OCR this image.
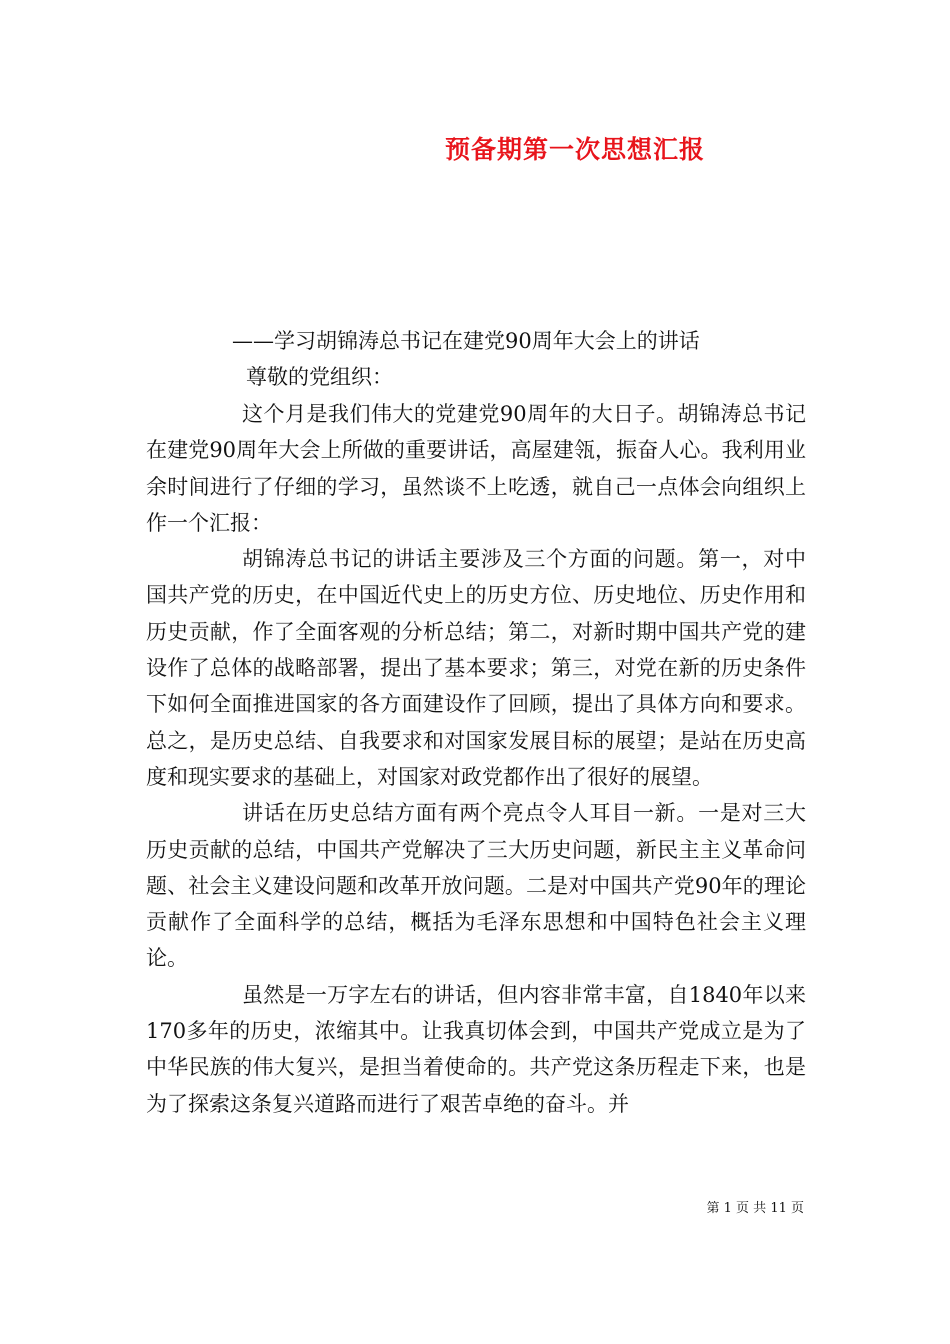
预备期第一次思想汇报
——学习胡锦涛总书记在建党90周年大会上的讲话
尊敬的党组织：

这个月是我们伟大的党建党90周年的大日子。胡锦涛总书记在建党90周年大会上所做的重要讲话，高屋建瓴，振奋人心。我利用业余时间进行了仔细的学习，虽然谈不上吃透，就自己一点体会向组织上作一个汇报：

胡锦涛总书记的讲话主要涉及三个方面的问题。第一，对中国共产党的历史，在中国近代史上的历史方位、历史地位、历史作用和历史贡献，作了全面客观的分析总结；第二，对新时期中国共产党的建设作了总体的战略部署，提出了基本要求；第三，对党在新的历史条件下如何全面推进国家的各方面建设作了回顾，提出了具体方向和要求。总之，是历史总结、自我要求和对国家发展目标的展望；是站在历史高度和现实要求的基础上，对国家对政党都作出了很好的展望。

讲话在历史总结方面有两个亮点令人耳目一新。一是对三大历史贡献的总结，中国共产党解决了三大历史问题，新民主主义革命问题、社会主义建设问题和改革开放问题。二是对中国共产党90年的理论贡献作了全面科学的总结，概括为毛泽东思想和中国特色社会主义理论。

虽然是一万字左右的讲话，但内容非常丰富，自1840年以来170多年的历史，浓缩其中。让我真切体会到，中国共产党成立是为了中华民族的伟大复兴，是担当着使命的。共产党这条历程走下来，也是为了探索这条复兴道路而进行了艰苦卓绝的奋斗。并

第 1 页 共 11 页
